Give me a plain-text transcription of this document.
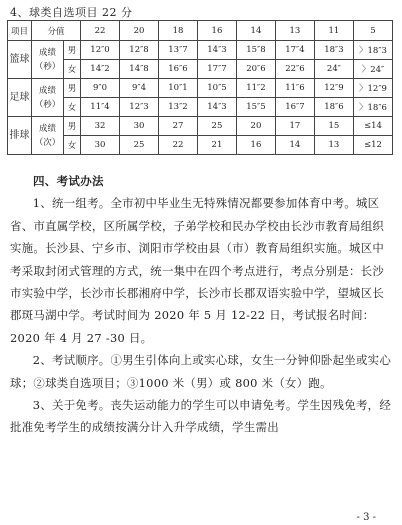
4、球类自选项目 22 分
项目	分值		22	20	18	16	14	13	11	5
篮球	成绩（秒）	男	12″0	12″8	13″7	14″3	15″8	17″4	18″3	〉18″3
		女	14″2	14″8	16″6	17″7	20″6	22″6	24″	〉24″
足球	成绩（秒）	男	9″0	9″4	10″1	10″5	11″2	11″6	12″9	〉12″9
		女	11″4	12″3	13″2	14″3	15″5	16″7	18″6	〉18″6
排球	成绩（次）	男	32	30	27	25	20	17	15	≤14
		女	30	25	22	21	16	14	13	≤12
四、考试办法

1、统一组考。全市初中毕业生无特殊情况都要参加体育中考。城区省、市直属学校，区所属学校，子弟学校和民办学校由长沙市教育局组织实施。长沙县、宁乡市、浏阳市学校由县（市）教育局组织实施。城区中考采取封闭式管理的方式，统一集中在四个考点进行，考点分别是：长沙市实验中学，长沙市长郡湘府中学，长沙市长郡双语实验中学，望城区长郡斑马湖中学。考试时间为 2020 年 5 月 12-22 日，考试报名时间：2020 年 4 月 27 -30 日。

2、考试顺序。①男生引体向上或实心球，女生一分钟仰卧起坐或实心球；②球类自选项目；③1000 米（男）或 800 米（女）跑。

3、关于免考。丧失运动能力的学生可以申请免考。学生因残免考，经批准免考学生的成绩按满分计入升学成绩，学生需出

- 3 -
